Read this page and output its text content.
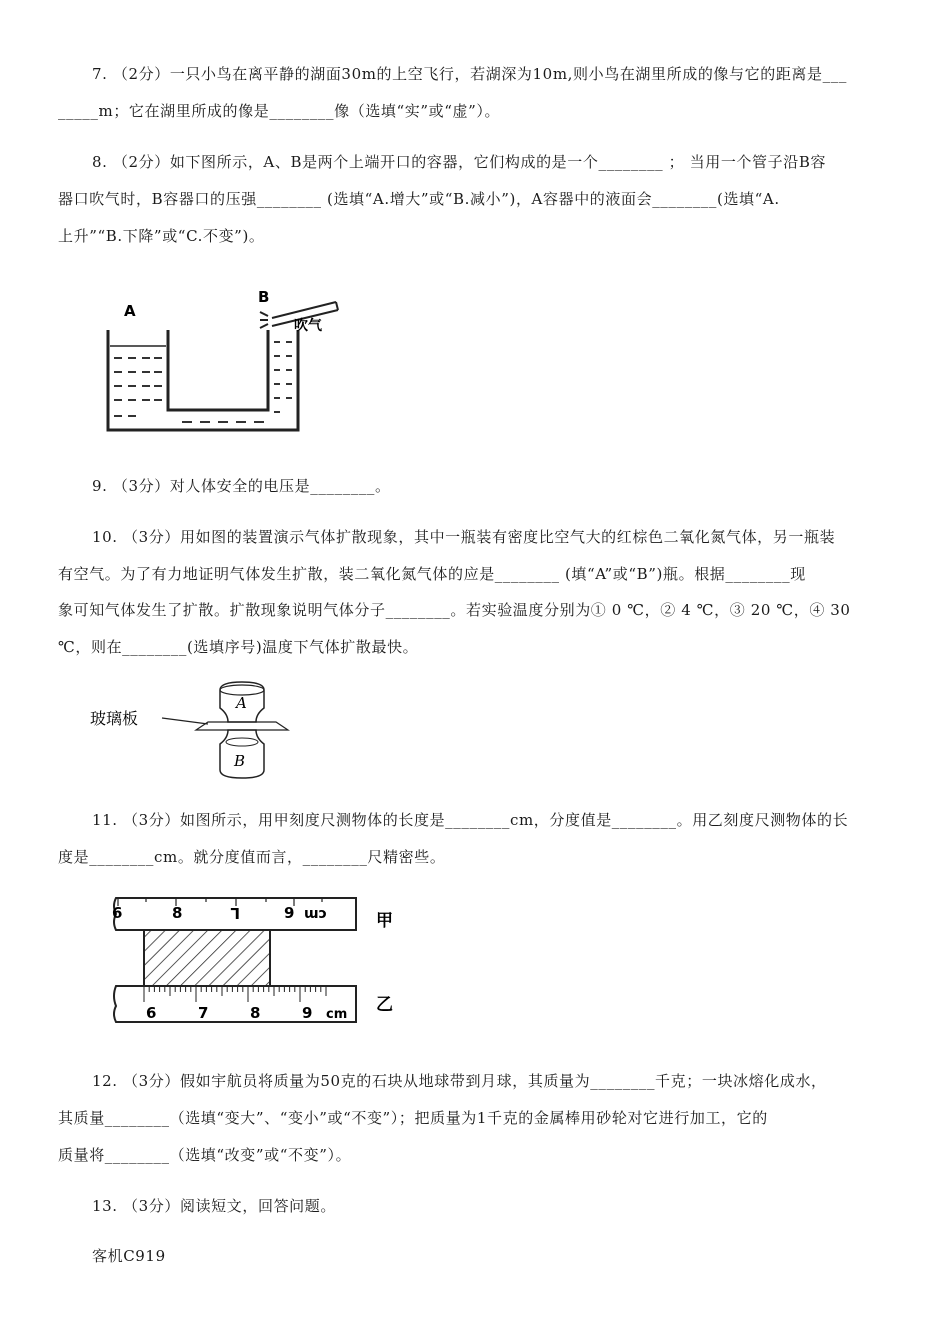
7. （2分）一只小鸟在离平静的湖面30m的上空飞行，若湖深为10m,则小鸟在湖里所成的像与它的距离是___
_____m；它在湖里所成的像是________像（选填“实”或“虚”）。
8. （2分）如下图所示，A、B是两个上端开口的容器，它们构成的是一个________ ； 当用一个管子沿B容
器口吹气时，B容器口的压强________ (选填“A.增大”或“B.减小”)，A容器中的液面会________(选填“A.
上升”“B.下降”或“C.不变”)。
A
B
吹气
9. （3分）对人体安全的电压是________。
10. （3分）用如图的装置演示气体扩散现象，其中一瓶装有密度比空气大的红棕色二氧化氮气体，另一瓶装
有空气。为了有力地证明气体发生扩散，装二氧化氮气体的应是________ (填“A”或“B”)瓶。根据________现
象可知气体发生了扩散。扩散现象说明气体分子________。若实验温度分别为① 0 ℃，② 4 ℃，③ 20 ℃，④ 30
℃，则在________(选填序号)温度下气体扩散最快。
玻璃板
A
B
11. （3分）如图所示，用甲刻度尺测物体的长度是________cm，分度值是________。用乙刻度尺测物体的长
度是________cm。就分度值而言，________尺精密些。
6	8	L	9 ɯɔ	甲
6	7	8	9 cm 乙
12. （3分）假如宇航员将质量为50克的石块从地球带到月球，其质量为________千克；一块冰熔化成水，
其质量________（选填“变大”、“变小”或“不变”）；把质量为1千克的金属棒用砂轮对它进行加工，它的
质量将________（选填“改变”或“不变”）。
13. （3分）阅读短文，回答问题。
客机C919
